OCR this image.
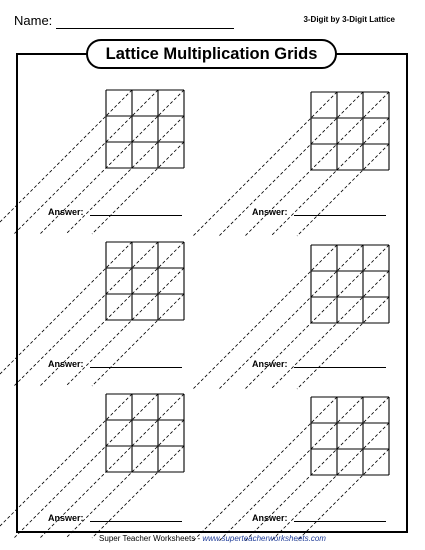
Name:	3-Digit by 3-Digit Lattice
Lattice Multiplication Grids
Answer:	Answer:
Answer:	Answer:
Answer:	Answer:
Super Teacher Worksheets - www.superteacherworksheets.com
